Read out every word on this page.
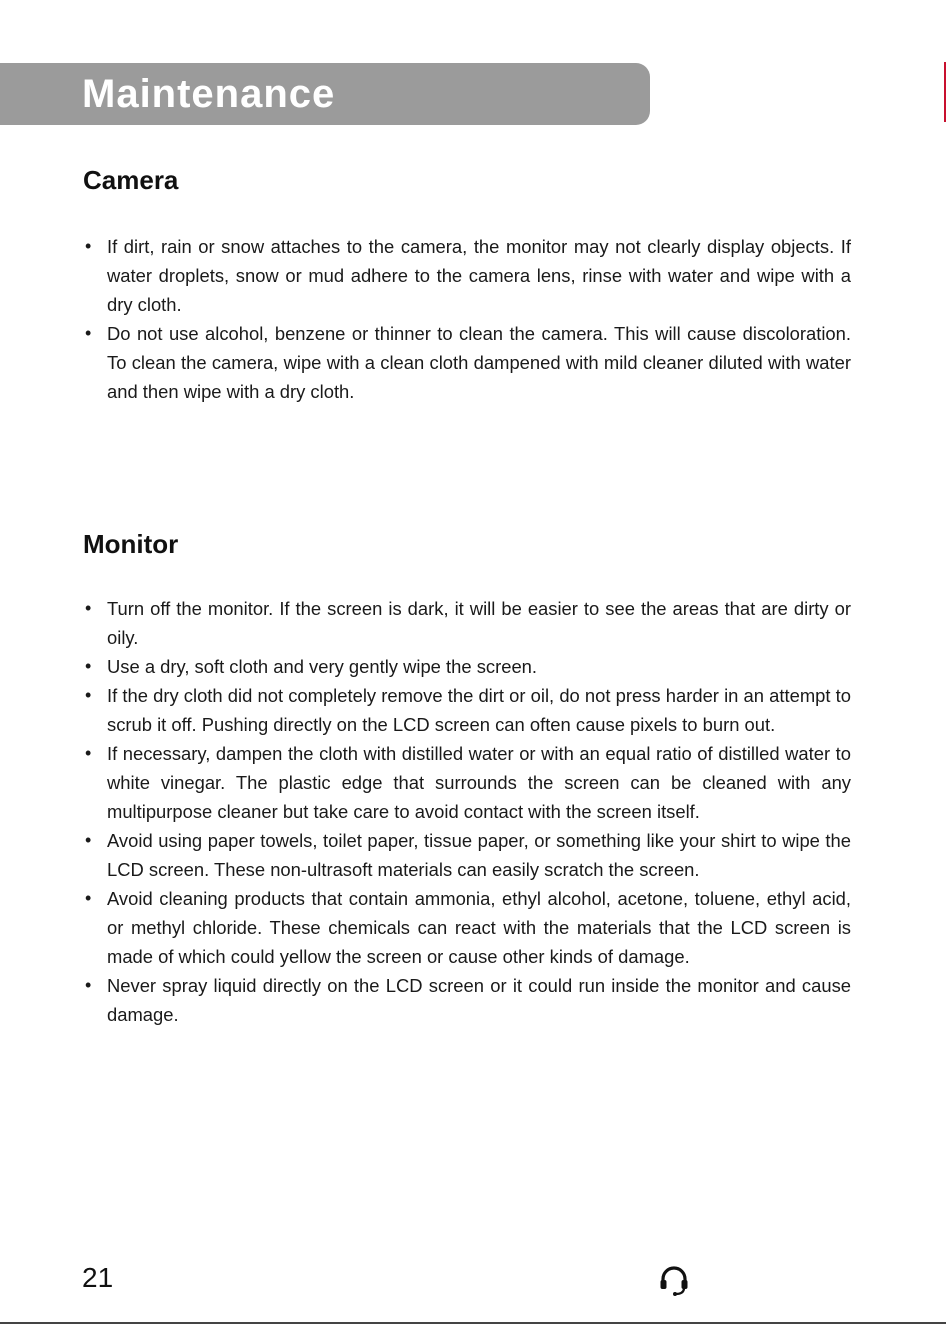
Maintenance
Camera
• If dirt, rain or snow attaches to the camera, the monitor may not clearly display objects. If water droplets, snow or mud adhere to the camera lens, rinse with water and wipe with a dry cloth.
• Do not use alcohol, benzene or thinner to clean the camera. This will cause discoloration. To clean the camera, wipe with a clean cloth dampened with mild cleaner diluted with water and then wipe with a dry cloth.
Monitor
• Turn off the monitor. If the screen is dark, it will be easier to see the areas that are dirty or oily.
• Use a dry, soft cloth and very gently wipe the screen.
• If the dry cloth did not completely remove the dirt or oil, do not press harder in an attempt to scrub it off. Pushing directly on the LCD screen can often cause pixels to burn out.
• If necessary, dampen the cloth with distilled water or with an equal ratio of distilled water to white vinegar. The plastic edge that surrounds the screen can be cleaned with any multipurpose cleaner but take care to avoid contact with the screen itself.
• Avoid using paper towels, toilet paper, tissue paper, or something like your shirt to wipe the LCD screen. These non-ultrasoft materials can easily scratch the screen.
• Avoid cleaning products that contain ammonia, ethyl alcohol, acetone, toluene, ethyl acid, or methyl chloride. These chemicals can react with the materials that the LCD screen is made of which could yellow the screen or cause other kinds of damage.
• Never spray liquid directly on the LCD screen or it could run inside the monitor and cause damage.
21
